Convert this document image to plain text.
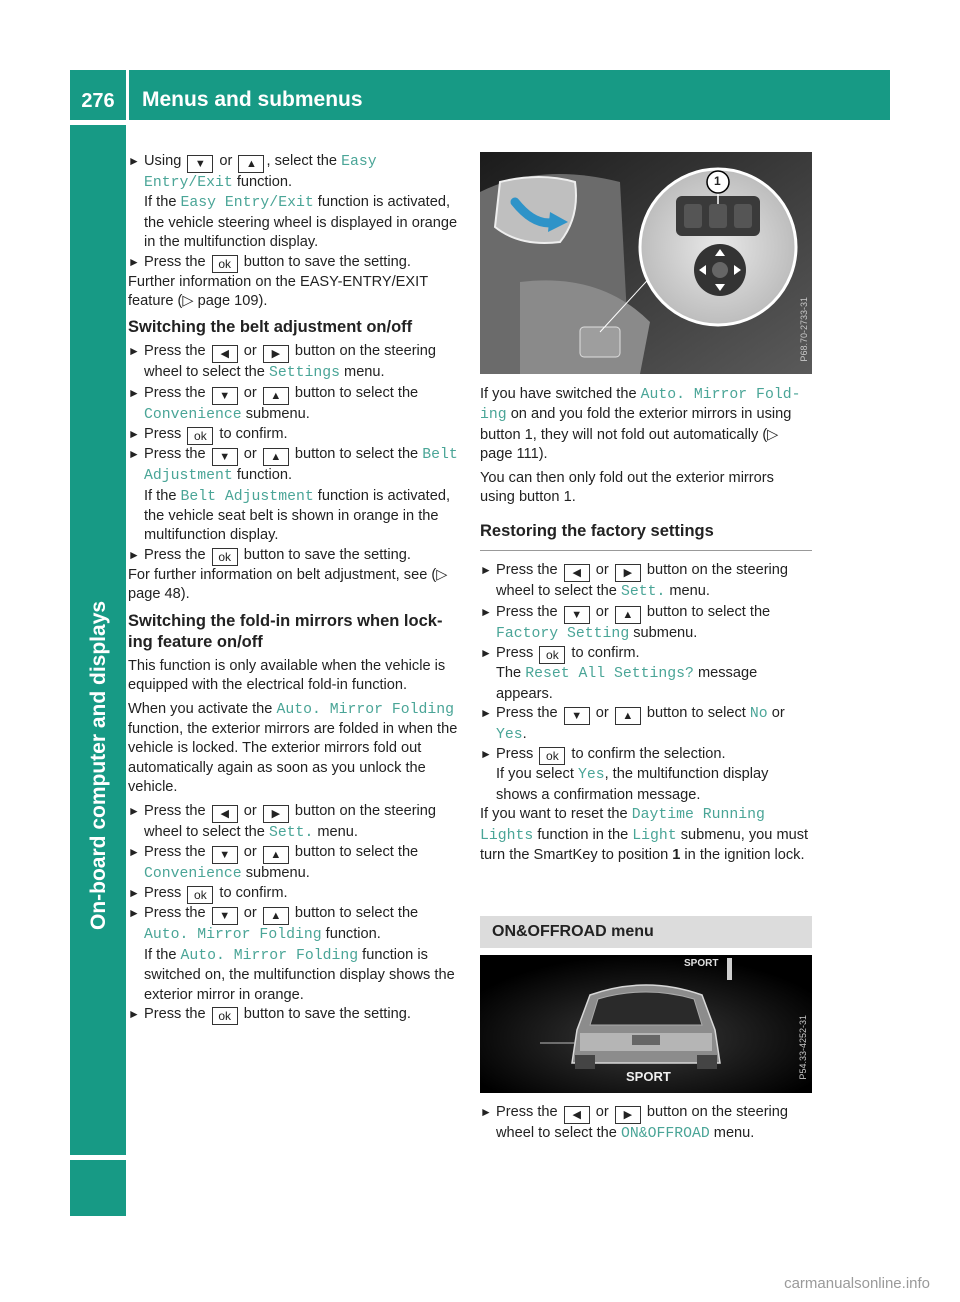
276	Menus and submenus
On-board computer and displays

► Using ▼ or ▲ , select the Easy Entry/Exit function.
If the Easy Entry/Exit function is activated, the vehicle steering wheel is displayed in orange in the multifunction display.

► Press the ok button to save the setting.

Further information on the EASY-ENTRY/EXIT feature (▷ page 109).

Switching the belt adjustment on/off

► Press the ◀ or ▶ button on the steering wheel to select the Settings menu.

► Press the ▼ or ▲ button to select the Convenience submenu.

► Press ok to confirm.

► Press the ▼ or ▲ button to select the Belt Adjustment function.
If the Belt Adjustment function is activated, the vehicle seat belt is shown in orange in the multifunction display.

► Press the ok button to save the setting.

For further information on belt adjustment, see (▷ page 48).

Switching the fold-in mirrors when locking feature on/off

This function is only available when the vehicle is equipped with the electrical fold-in function.

When you activate the Auto. Mirror Folding function, the exterior mirrors are folded in when the vehicle is locked. The exterior mirrors fold out automatically again as soon as you unlock the vehicle.

► Press the ◀ or ▶ button on the steering wheel to select the Sett. menu.

► Press the ▼ or ▲ button to select the Convenience submenu.

► Press ok to confirm.

► Press the ▼ or ▲ button to select the Auto. Mirror Folding function.
If the Auto. Mirror Folding function is switched on, the multifunction display shows the exterior mirror in orange.

► Press the ok button to save the setting.

1
P68.70-2733-31

If you have switched the Auto. Mirror Folding on and you fold the exterior mirrors in using button 1, they will not fold out automatically (▷ page 111).

You can then only fold out the exterior mirrors using button 1.

Restoring the factory settings

► Press the ◀ or ▶ button on the steering wheel to select the Sett. menu.

► Press the ▼ or ▲ button to select the Factory Setting submenu.

► Press ok to confirm.
The Reset All Settings? message appears.

► Press the ▼ or ▲ button to select No or Yes.

► Press ok to confirm the selection.
If you select Yes, the multifunction display shows a confirmation message.

If you want to reset the Daytime Running Lights function in the Light submenu, you must turn the SmartKey to position 1 in the ignition lock.

ON&OFFROAD menu
SPORT
SPORT	P54.33-4252-31

► Press the ◀ or ▶ button on the steering wheel to select the ON&OFFROAD menu.

carmanualsonline.info
